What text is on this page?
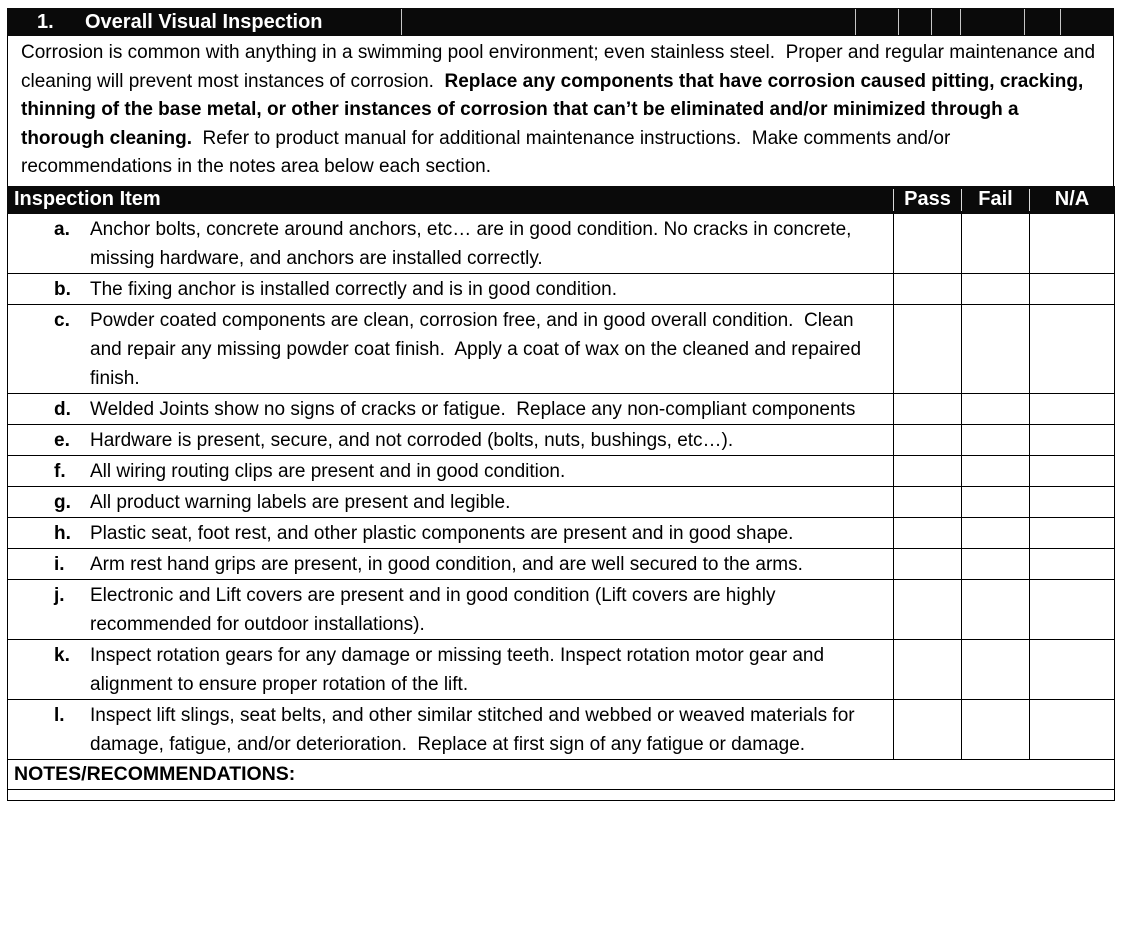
1.	Overall Visual Inspection
Corrosion is common with anything in a swimming pool environment; even stainless steel.  Proper and regular maintenance and cleaning will prevent most instances of corrosion.  Replace any components that have corrosion caused pitting, cracking, thinning of the base metal, or other instances of corrosion that can’t be eliminated and/or minimized through a thorough cleaning.  Refer to product manual for additional maintenance instructions.  Make comments and/or recommendations in the notes area below each section.
Inspection Item	Pass	Fail	N/A

a. Anchor bolts, concrete around anchors, etc… are in good condition. No cracks in concrete, missing hardware, and anchors are installed correctly.			

b. The fixing anchor is installed correctly and is in good condition.			

c. Powder coated components are clean, corrosion free, and in good overall condition.  Clean and repair any missing powder coat finish.  Apply a coat of wax on the cleaned and repaired finish.			

d. Welded Joints show no signs of cracks or fatigue.  Replace any non-compliant components			

e. Hardware is present, secure, and not corroded (bolts, nuts, bushings, etc…).			

f. All wiring routing clips are present and in good condition.			

g. All product warning labels are present and legible.			

h. Plastic seat, foot rest, and other plastic components are present and in good shape.			

i. Arm rest hand grips are present, in good condition, and are well secured to the arms.			

j. Electronic and Lift covers are present and in good condition (Lift covers are highly recommended for outdoor installations).			

k. Inspect rotation gears for any damage or missing teeth. Inspect rotation motor gear and alignment to ensure proper rotation of the lift.			

l. Inspect lift slings, seat belts, and other similar stitched and webbed or weaved materials for damage, fatigue, and/or deterioration.  Replace at first sign of any fatigue or damage.			

NOTES/RECOMMENDATIONS:			
